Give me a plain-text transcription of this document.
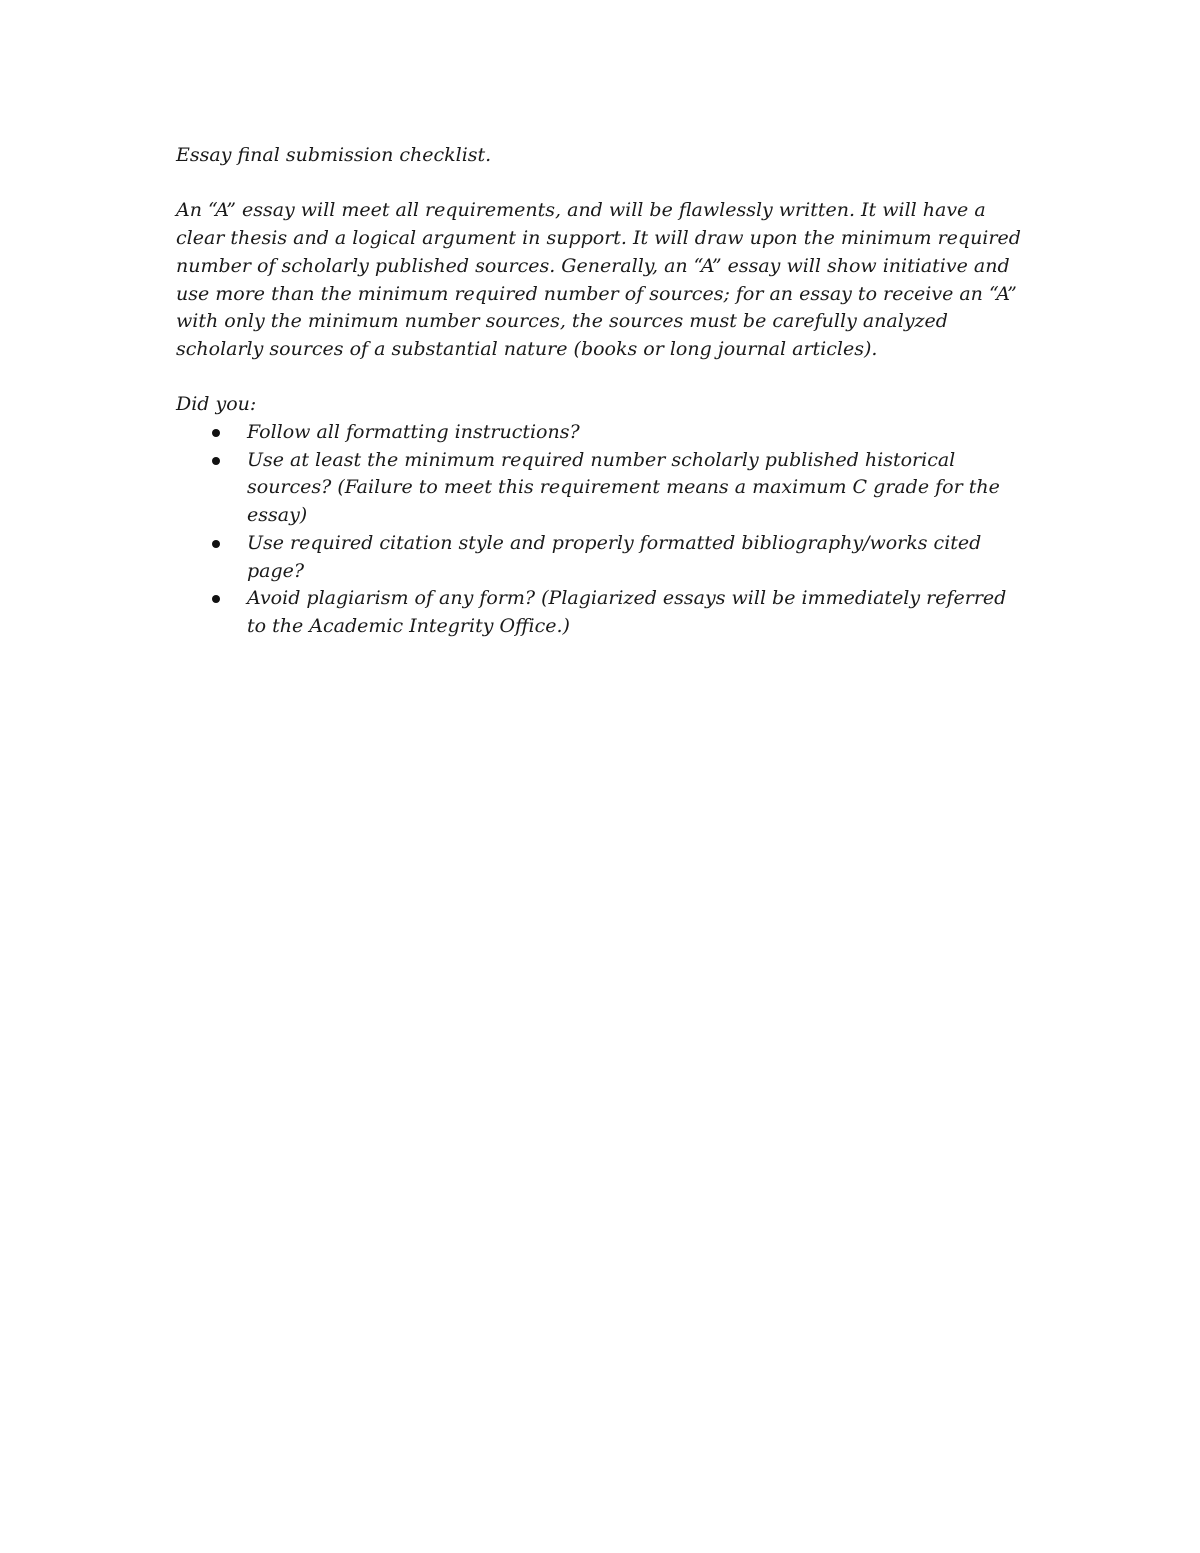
Essay final submission checklist.

An “A” essay will meet all requirements, and will be flawlessly written. It will have a clear thesis and a logical argument in support. It will draw upon the minimum required number of scholarly published sources. Generally, an “A” essay will show initiative and use more than the minimum required number of sources; for an essay to receive an “A” with only the minimum number sources, the sources must be carefully analyzed scholarly sources of a substantial nature (books or long journal articles).

Did you:

Follow all formatting instructions?
Use at least the minimum required number scholarly published historical sources? (Failure to meet this requirement means a maximum C grade for the essay)
Use required citation style and properly formatted bibliography/works cited page?
Avoid plagiarism of any form? (Plagiarized essays will be immediately referred to the Academic Integrity Office.)
